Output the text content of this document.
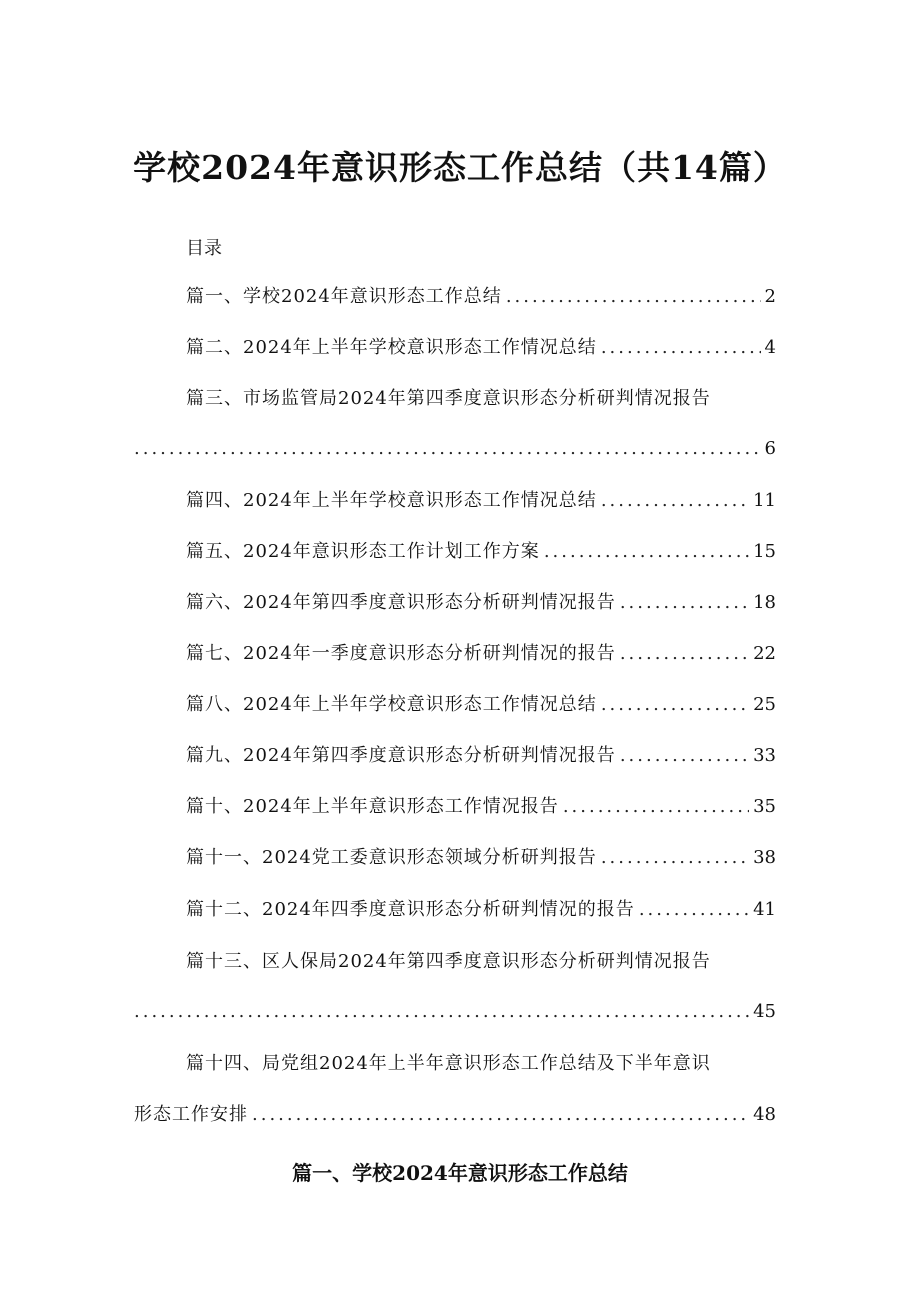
学校2024年意识形态工作总结（共14篇）
目录
篇一、学校2024年意识形态工作总结 .....	2
篇二、2024年上半年学校意识形态工作情况总结 .....	4
篇三、市场监管局2024年第四季度意识形态分析研判情况报告
.....
6
篇四、2024年上半年学校意识形态工作情况总结 .....	11
篇五、2024年意识形态工作计划工作方案 .....	15
篇六、2024年第四季度意识形态分析研判情况报告 .....	18
篇七、2024年一季度意识形态分析研判情况的报告 .....	22
篇八、2024年上半年学校意识形态工作情况总结 .....	25
篇九、2024年第四季度意识形态分析研判情况报告 .....	33
篇十、2024年上半年意识形态工作情况报告 .....	35
篇十一、2024党工委意识形态领域分析研判报告 .....	38
篇十二、2024年四季度意识形态分析研判情况的报告 .....	41
篇十三、区人保局2024年第四季度意识形态分析研判情况报告
.....
45
篇十四、局党组2024年上半年意识形态工作总结及下半年意识
形态工作安排 .....	48
篇一、学校2024年意识形态工作总结
